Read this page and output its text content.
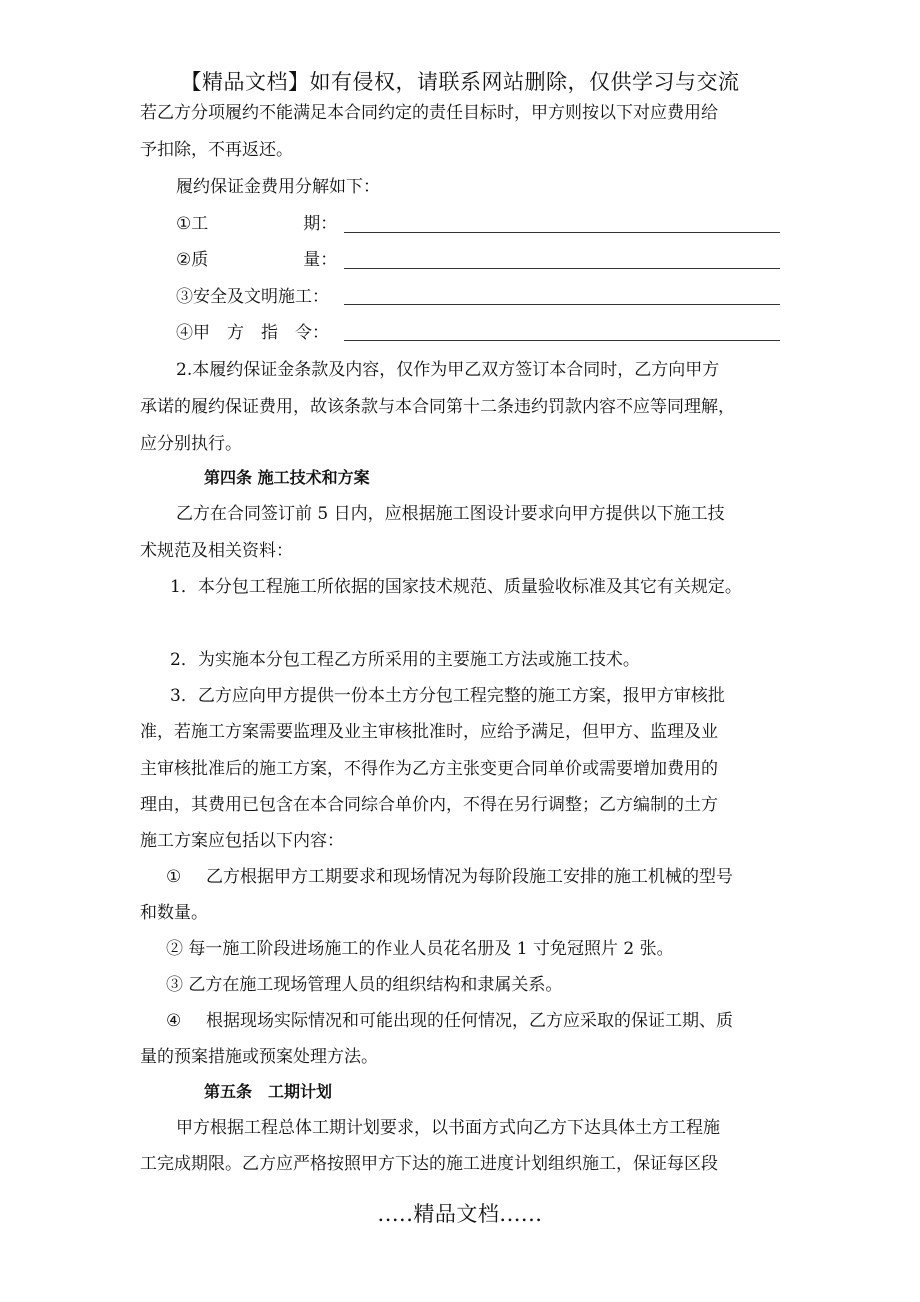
【精品文档】如有侵权，请联系网站删除，仅供学习与交流
若乙方分项履约不能满足本合同约定的责任目标时，甲方则按以下对应费用给
予扣除，不再返还。
履约保证金费用分解如下：
①工	期：
②质	量：
③安全及文明施工：
④甲　方　指　令：
2.本履约保证金条款及内容，仅作为甲乙双方签订本合同时，乙方向甲方
承诺的履约保证费用，故该条款与本合同第十二条违约罚款内容不应等同理解，
应分别执行。
第四条 施工技术和方案
乙方在合同签订前 5 日内，应根据施工图设计要求向甲方提供以下施工技
术规范及相关资料：
1．本分包工程施工所依据的国家技术规范、质量验收标准及其它有关规定。
2．为实施本分包工程乙方所采用的主要施工方法或施工技术。
3．乙方应向甲方提供一份本土方分包工程完整的施工方案，报甲方审核批
准，若施工方案需要监理及业主审核批准时，应给予满足，但甲方、监理及业
主审核批准后的施工方案，不得作为乙方主张变更合同单价或需要增加费用的
理由，其费用已包含在本合同综合单价内，不得在另行调整；乙方编制的土方
施工方案应包括以下内容：
① 乙方根据甲方工期要求和现场情况为每阶段施工安排的施工机械的型号
和数量。
② 每一施工阶段进场施工的作业人员花名册及 1 寸免冠照片 2 张。
③ 乙方在施工现场管理人员的组织结构和隶属关系。
④ 根据现场实际情况和可能出现的任何情况，乙方应采取的保证工期、质
量的预案措施或预案处理方法。
第五条　工期计划
甲方根据工程总体工期计划要求，以书面方式向乙方下达具体土方工程施
工完成期限。乙方应严格按照甲方下达的施工进度计划组织施工，保证每区段
.....精品文档......
